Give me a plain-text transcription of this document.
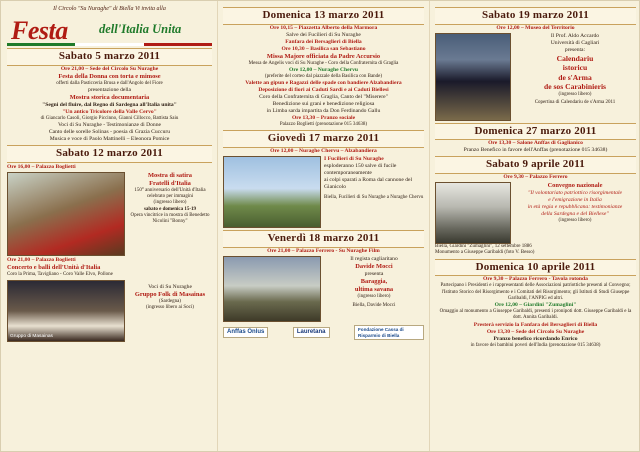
Il Circolo "Su Nuraghe" di Biella Vi invita alla
Festa	dell'Italia Unita
Sabato 5 marzo 2011
Ore 21,00 – Sede del Circolo Su Nuraghe
Festa della Donna con torta e mimose
offerti dalla Pasticceria Brusa e dall'Angolo del Fiore
presentazione della
Mostra storica documentaria
"Segni del fluire, dal Regno di Sardegna all'Italia unita"
"Un antico Tricolore della Valle Cervo"
di Giancarlo Casoli, Giorgio Piccinno, Gianni Cillocco, Battista Saiu
Voci di Su Nuraghe - Testimonianze di Donne
Canto delle sorelle Solinas - poesia di Grazia Cuccuru
Musica e voce di Paolo Mattinelli – Eleonora Pomice
Sabato 12 marzo 2011
Ore 16,00 – Palazzo Boglietti
Mostra di satira
Fratelli d'Italia
150° anniversario dell'Unità d'Italia celebrato per immagini
(ingresso libero)
sabato e domenica 15-19
Opera vincitrice in mostra di Benedetto Nicolini "Bonny"
Ore 21,00 – Palazzo Boglietti
Concerto e balli dell'Unità d'Italia
Coro la Prima, Tavigliano - Coro Valle Elvo, Pollone
Gruppo di Masainas
Voci di Su Nuraghe
Gruppo Folk di Masainas
(Sardegna)
(ingresso libero ai Soci)
Domenica 13 marzo 2011
Ore 10,15 – Piazzetta Alberto della Marmora
Salve dei Fucilieri di Su Nuraghe
Fanfara dei Bersaglieri di Biella
Ore 10,30 – Basilica san Sebastiano
Missa Majore officiata da Padre Accursio
Messa de Angelis voci di Su Nuraghe - Coro della Confraternita di Graglia
Ore 12,00 – Nuraghe Chervu
(preferite del corteo dal piazzale della Basilica con Bande)
Valette an gipun e Ragazzi delle spade con bandiere Alzabandiera
Deposizione di fiori ai Caduti Sardi e ai Caduti Biellesi
Coro della Confraternita di Graglia, Canto del "Miserere"
Benedizione sui grani e benedizione religiosa
in Limba sarda impartita da Don Ferdinando Gallu
Ore 13,30 – Pranzo sociale
Palazzo Boglietti (prenotazione 015 34638)
Giovedì 17 marzo 2011
Ore 12,00 – Nuraghe Chervu – Alzabandiera
I Fucilieri di Su Nuraghe
esploderanno 150 salve di fucile contemporaneamente
ai colpi sparati a Roma dal cannone del Gianicolo
Biella, Fucilieri di Su Nuraghe a Nuraghe Chervu
Venerdì 18 marzo 2011
Ore 21,00 – Palazzo Ferrero - Su Nuraghe Film
Il regista cagliaritano
Davide Mocci
presenta
Baraggia,
ultima savana
(ingresso libero)
Biella, Davide Mocci
Anffas Onlus	Lauretana	Fondazione Cassa di Risparmio di Biella
Sabato 19 marzo 2011
Ore 12,00 – Museo del Territorio
Il Prof. Aldo Accardo
Università di Cagliari
presenta:
Calendariu
istoricu
de s'Arma
de sos Carabinieris
(ingresso libero)
Copertina di Calendariu de s'Arma 2011
Domenica 27 marzo 2011
Ore 13,30 – Salone Anffas di Gaglianico
Pranzo Benefico in favore dell'Anffas (prenotazione 015 34638)
Sabato 9 aprile 2011
Ore 9,30 – Palazzo Ferrero
Convegno nazionale
"Il volontariato patriottico risorgimentale
e l'emigrazione in Italia
in età regia e repubblicana: testimonianze
della Sardegna e del Biellese"
(ingresso libero)
Biella, Giardini "Zumaglini", 12 settembre 1886
Monumento a Giuseppe Garibaldi (foto V. Besso)
Domenica 10 aprile 2011
Ore 9,30 – Palazzo Ferrero - Tavola rotonda
Partecipano i Presidenti e i rappresentanti delle Associazioni patriottiche presenti al Convegno; l'Istituto Storico del Risorgimento e i Comitati del Risorgimento; gli Istituti di Studi Giuseppe Garibaldi, l'ANPIG ed altri.
Ore 12,00 – Giardini "Zumaglini"
Omaggio al monumento a Giuseppe Garibaldi, presenti i pronipoti dott. Giuseppe Garibaldi e la dott. Annita Garibaldi.
Presterà servizio la Fanfara dei Bersaglieri di Biella
Ore 13,30 – Sede del Circolo Su Nuraghe
Pranzo benefico ricordando Enrico
in favore dei bambini poveri dell'India (prenotazione 015 34638)
